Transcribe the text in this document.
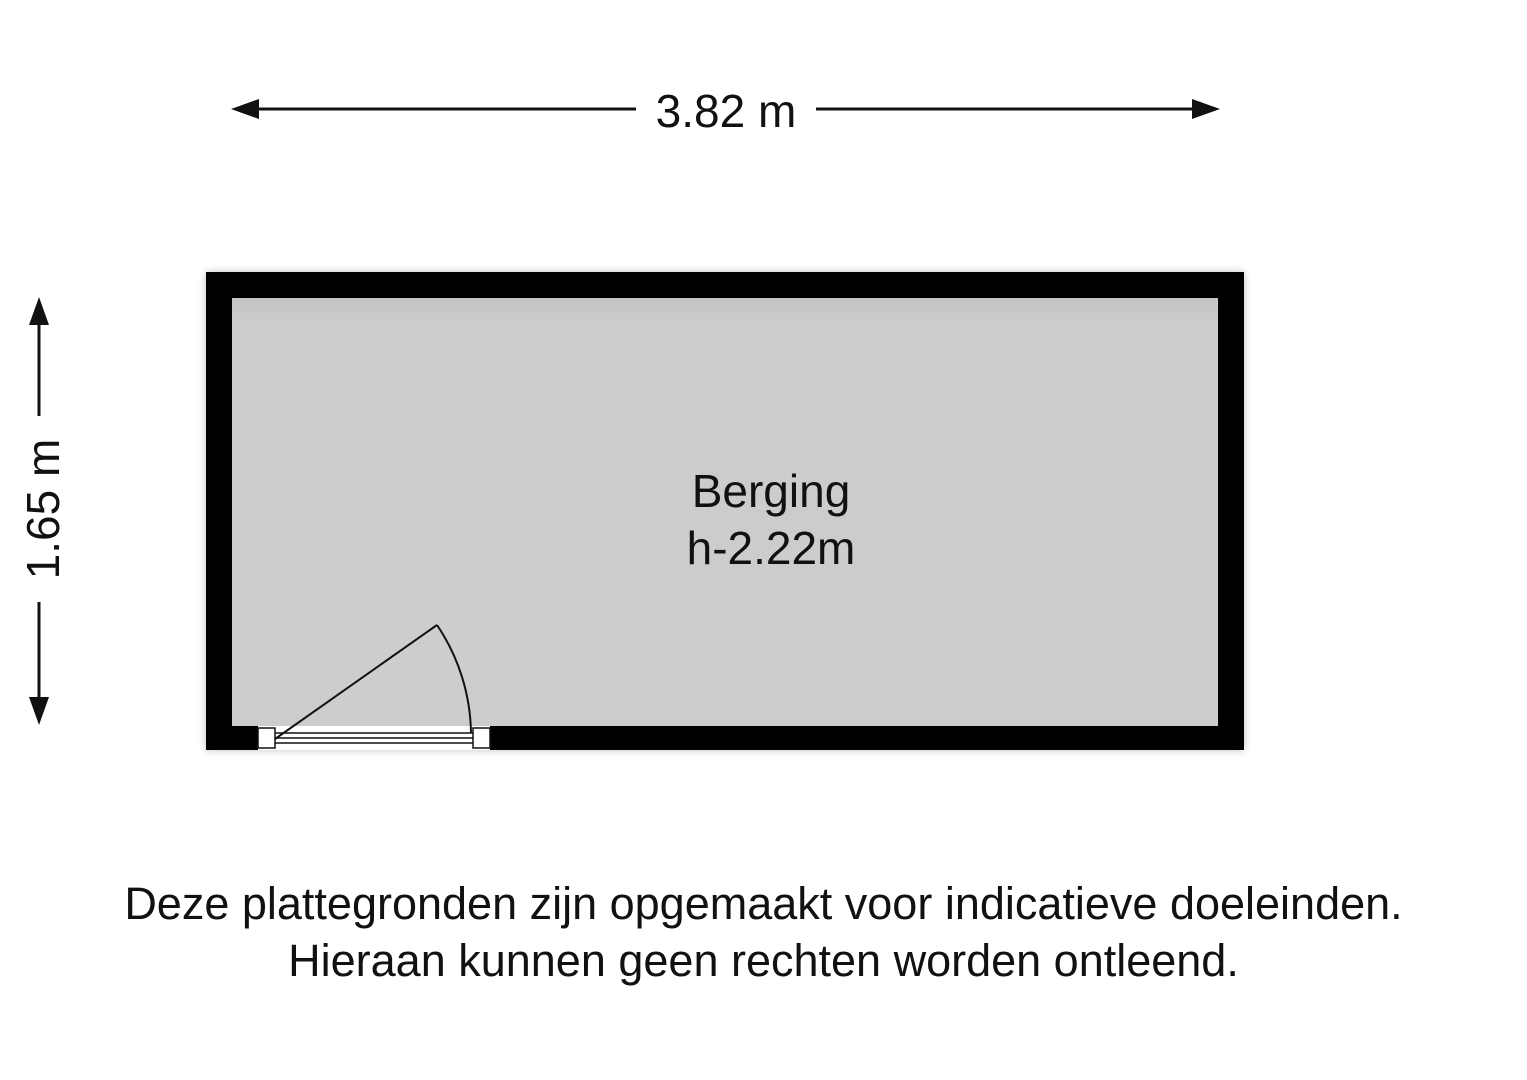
3.82 m
1.65 m	Berging
h-2.22m
Deze plattegronden zijn opgemaakt voor indicatieve doeleinden.
Hieraan kunnen geen rechten worden ontleend.
